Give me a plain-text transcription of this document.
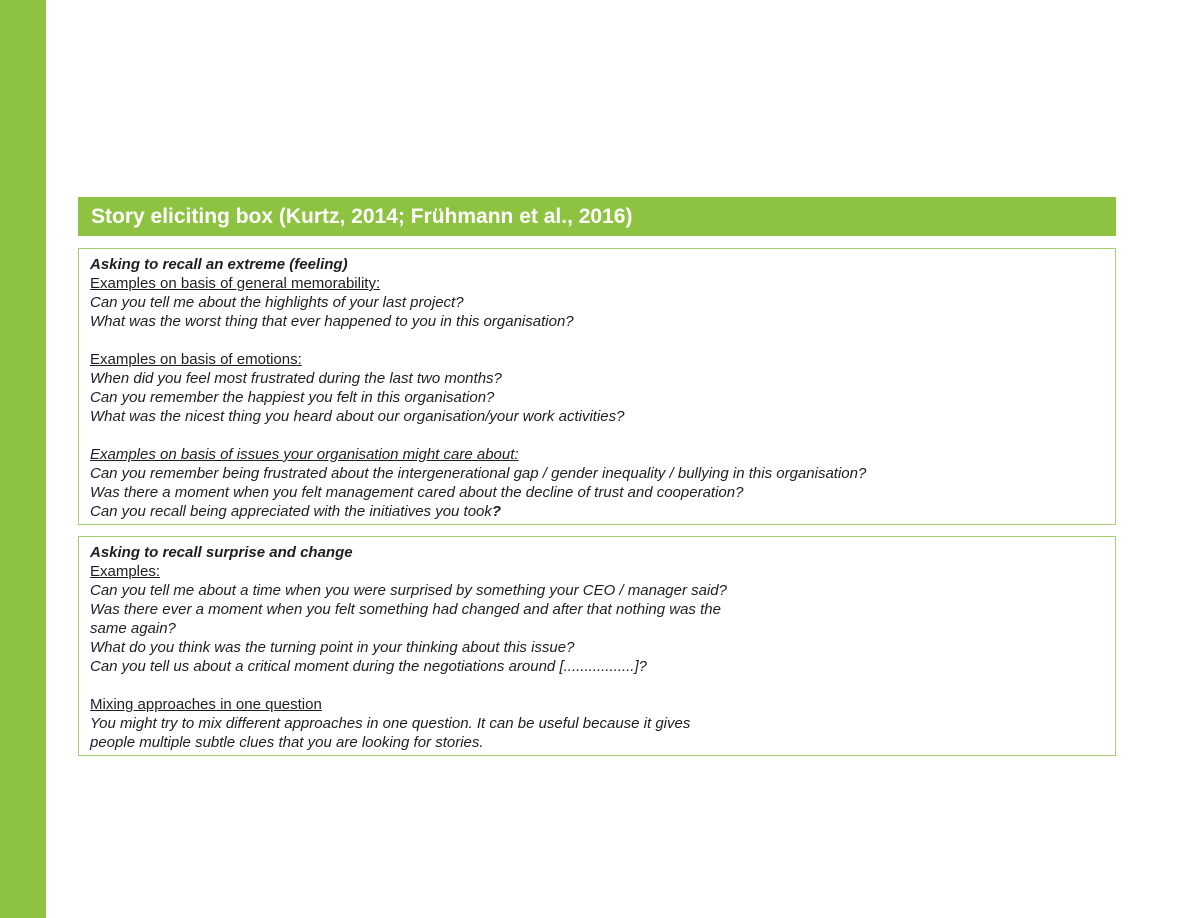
Story eliciting box (Kurtz, 2014; Frühmann et al., 2016)
Asking to recall an extreme (feeling)
Examples on basis of general memorability:
Can you tell me about the highlights of your last project?
What was the worst thing that ever happened to you in this organisation?

Examples on basis of emotions:
When did you feel most frustrated during the last two months?
Can you remember the happiest you felt in this organisation?
What was the nicest thing you heard about our organisation/your work activities?

Examples on basis of issues your organisation might care about:
Can you remember being frustrated about the intergenerational gap / gender inequality / bullying in this organisation?
Was there a moment when you felt management cared about the decline of trust and cooperation?
Can you recall being appreciated with the initiatives you took?
Asking to recall surprise and change
Examples:
Can you tell me about a time when you were surprised by something your CEO / manager said?
Was there ever a moment when you felt something had changed and after that nothing was the
same again?
What do you think was the turning point in your thinking about this issue?
Can you tell us about a critical moment during the negotiations around [.................]?

Mixing approaches in one question
You might try to mix different approaches in one question. It can be useful because it gives
people multiple subtle clues that you are looking for stories.
